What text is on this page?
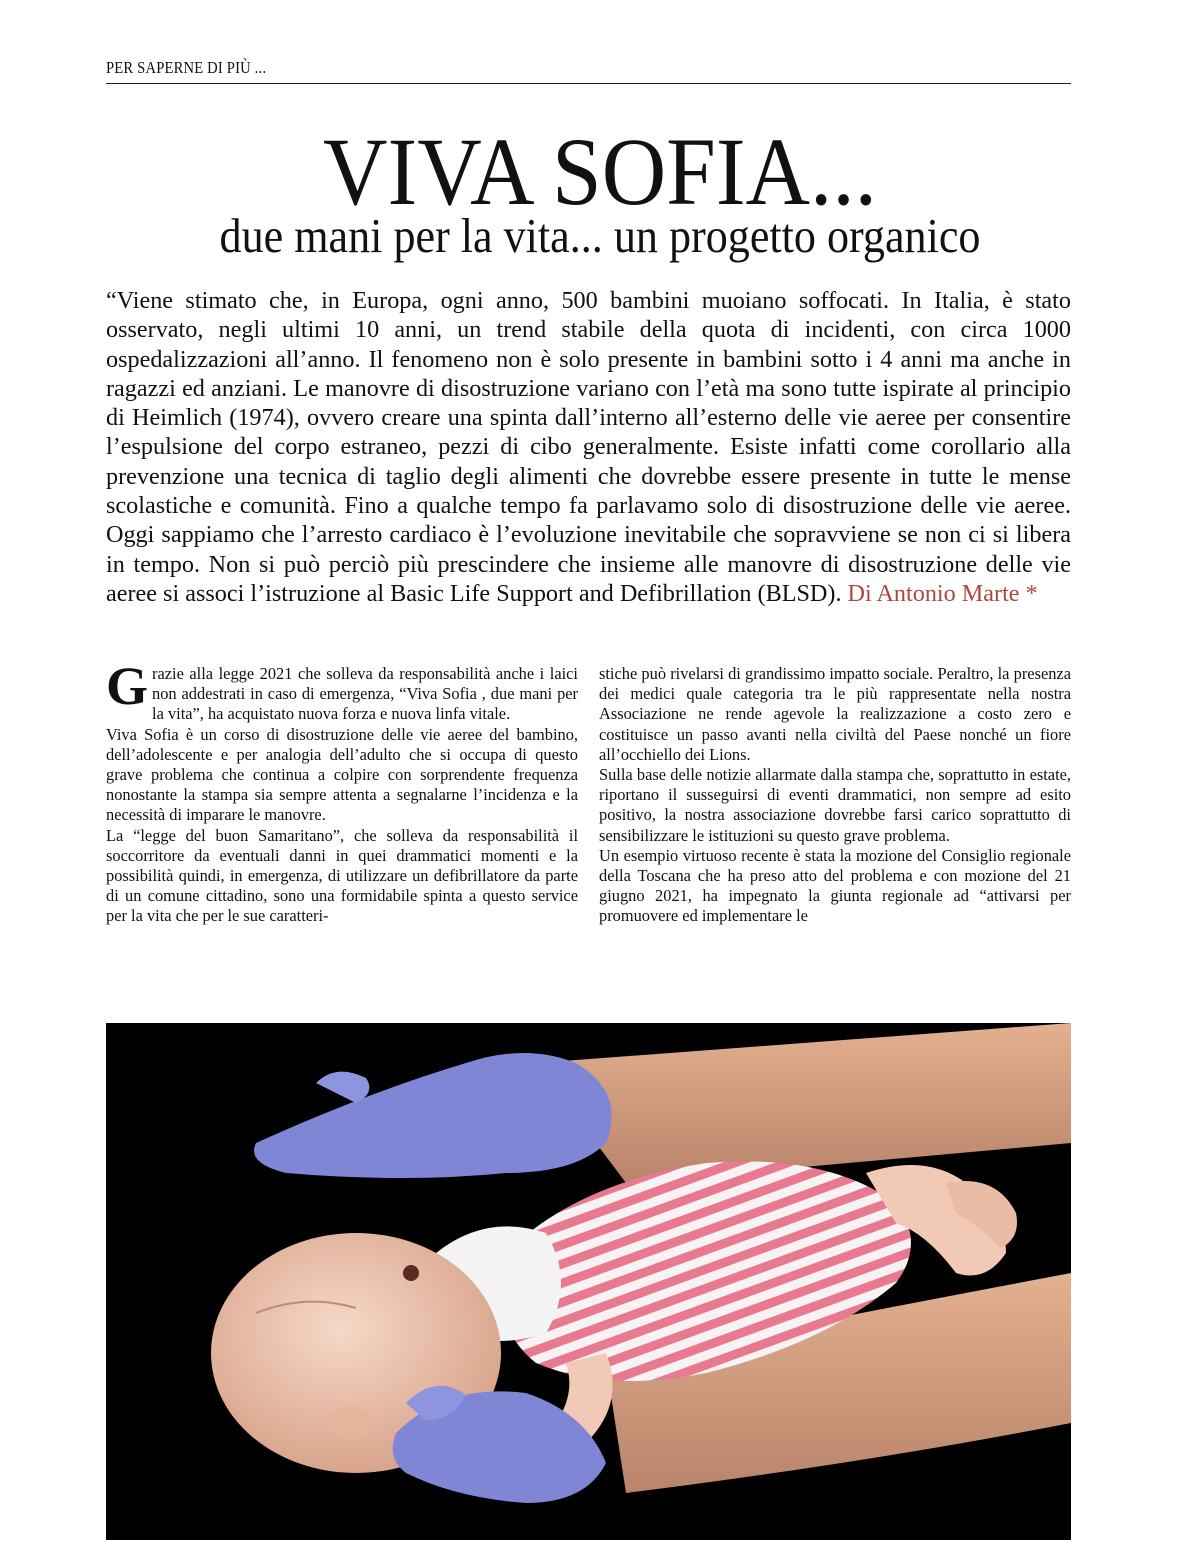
PER SAPERNE DI PIÙ ...
VIVA SOFIA...
due mani per la vita... un progetto organico

“Viene stimato che, in Europa, ogni anno, 500 bambini muoiano soffocati. In Italia, è stato osservato, negli ultimi 10 anni, un trend stabile della quota di incidenti, con circa 1000 ospedalizzazioni all’anno. Il fenomeno non è solo presente in bambini sotto i 4 anni ma anche in ragazzi ed anziani. Le manovre di disostruzione variano con l’età ma sono tutte ispirate al principio di Heimlich (1974), ovvero creare una spinta dall’interno all’esterno delle vie aeree per consentire l’espulsione del corpo estraneo, pezzi di cibo generalmente. Esiste infatti come corollario alla prevenzione una tecnica di taglio degli alimenti che dovrebbe essere presente in tutte le mense scolastiche e comunità. Fino a qualche tempo fa parlavamo solo di disostruzione delle vie aeree. Oggi sappiamo che l’arresto cardiaco è l’evoluzione inevitabile che sopravviene se non ci si libera in tempo. Non si può perciò più prescindere che insieme alle manovre di disostruzione delle vie aeree si associ l’istruzione al Basic Life Support and Defibrillation (BLSD). Di Antonio Marte *

Grazie alla legge 2021 che solleva da responsabilità anche i laici non addestrati in caso di emergenza, “Viva Sofia , due mani per la vita”, ha acquistato nuova forza e nuova linfa vitale.

Viva Sofia è un corso di disostruzione delle vie aeree del bambino, dell’adolescente e per analogia dell’adulto che si occupa di questo grave problema che continua a colpire con sorprendente frequenza nonostante la stampa sia sempre attenta a segnalarne l’incidenza e la necessità di imparare le manovre.

La “legge del buon Samaritano”, che solleva da responsabilità il soccorritore da eventuali danni in quei drammatici momenti e la possibilità quindi, in emergenza, di utilizzare un defibrillatore da parte di un comune cittadino, sono una formidabile spinta a questo service per la vita che per le sue caratteri-

stiche può rivelarsi di grandissimo impatto sociale. Peraltro, la presenza dei medici quale categoria tra le più rappresentate nella nostra Associazione ne rende agevole la realizzazione a costo zero e costituisce un passo avanti nella civiltà del Paese nonché un fiore all’occhiello dei Lions.

Sulla base delle notizie allarmate dalla stampa che, soprattutto in estate, riportano il susseguirsi di eventi drammatici, non sempre ad esito positivo, la nostra associazione dovrebbe farsi carico soprattutto di sensibilizzare le istituzioni su questo grave problema.

Un esempio virtuoso recente è stata la mozione del Consiglio regionale della Toscana che ha preso atto del problema e con mozione del 21 giugno 2021, ha impegnato la giunta regionale ad “attivarsi per promuovere ed implementare le
